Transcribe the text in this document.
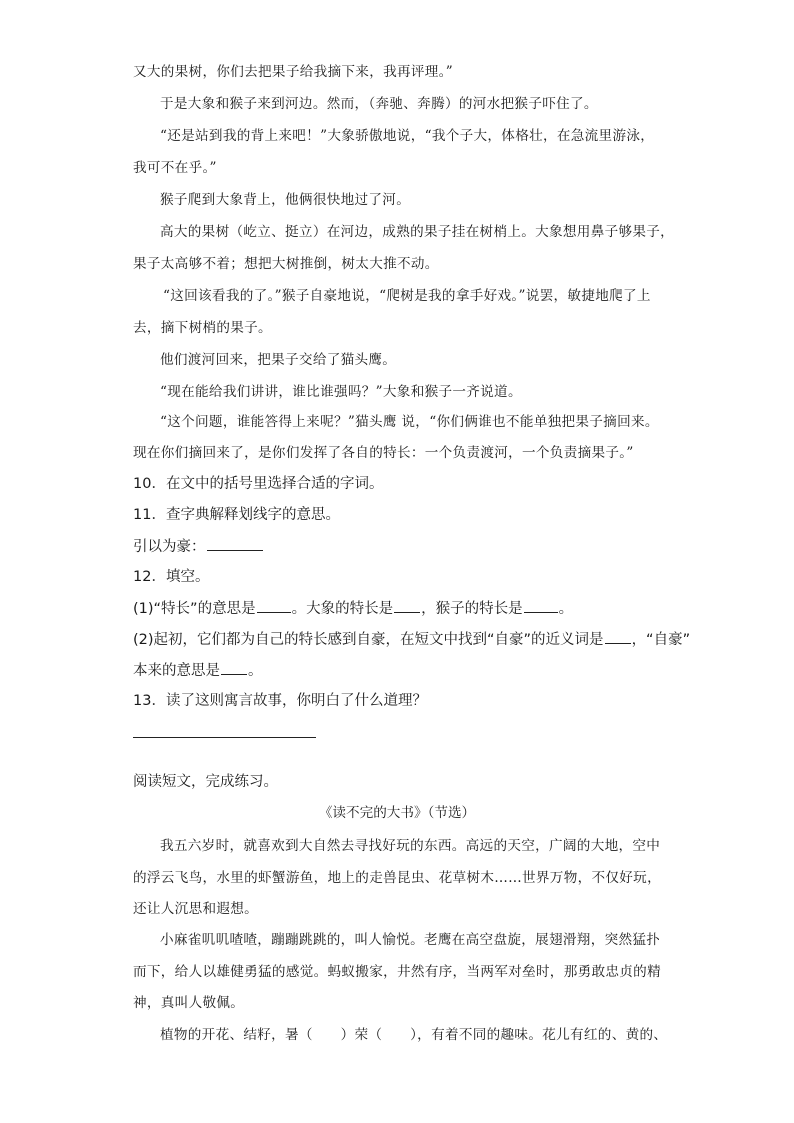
又大的果树，你们去把果子给我摘下来，我再评理。”
于是大象和猴子来到河边。然而，（奔驰、奔腾）的河水把猴子吓住了。
“还是站到我的背上来吧！”大象骄傲地说，“我个子大，体格壮，在急流里游泳，
我可不在乎。”
猴子爬到大象背上，他俩很快地过了河。
高大的果树（屹立、挺立）在河边，成熟的果子挂在树梢上。大象想用鼻子够果子，
果子太高够不着；想把大树推倒，树太大推不动。
“这回该看我的了。”猴子自豪地说，“爬树是我的拿手好戏。”说罢，敏捷地爬了上
去，摘下树梢的果子。
他们渡河回来，把果子交给了猫头鹰。
“现在能给我们讲讲，谁比谁强吗？”大象和猴子一齐说道。
“这个问题，谁能答得上来呢？”猫头鹰 说，“你们俩谁也不能单独把果子摘回来。
现在你们摘回来了，是你们发挥了各自的特长：一个负责渡河，一个负责摘果子。”
10．在文中的括号里选择合适的字词。
11．查字典解释划线字的意思。
引以为豪：
12．填空。
(1)“特长”的意思是 。大象的特长是 ，猴子的特长是 。
(2)起初，它们都为自己的特长感到自豪，在短文中找到“自豪”的近义词是 ，“自豪”
本来的意思是 。
13．读了这则寓言故事，你明白了什么道理？
阅读短文，完成练习。
《读不完的大书》（节选）
我五六岁时，就喜欢到大自然去寻找好玩的东西。高远的天空，广阔的大地，空中
的浮云飞鸟，水里的虾蟹游鱼，地上的走兽昆虫、花草树木……世界万物，不仅好玩，
还让人沉思和遐想。
小麻雀叽叽喳喳，蹦蹦跳跳的，叫人愉悦。老鹰在高空盘旋，展翅滑翔，突然猛扑
而下，给人以雄健勇猛的感觉。蚂蚁搬家，井然有序，当两军对垒时，那勇敢忠贞的精
神，真叫人敬佩。
植物的开花、结籽，暑（　　）荣（　　），有着不同的趣味。花儿有红的、黄的、
